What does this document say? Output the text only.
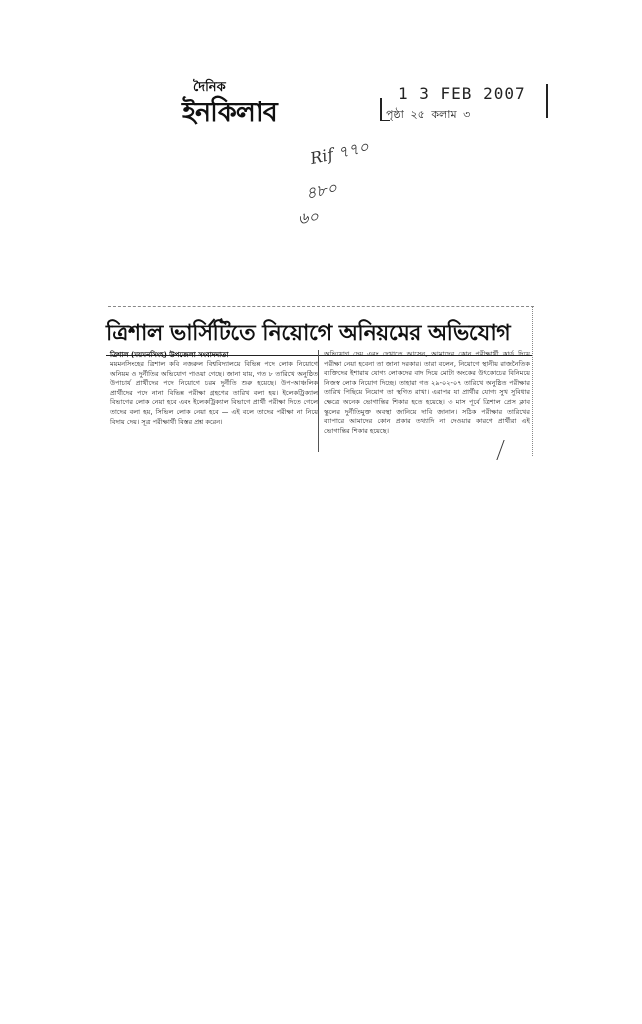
দৈনিক
ইনকিলাব
1 3 FEB 2007
পৃষ্ঠা ২৫ কলাম ৩
Rif ৭৭০
৪৮০
৬০
ত্রিশাল ভার্সিটিতে নিয়োগে অনিয়মের অভিযোগ
ত্রিশাল (ময়মনসিংহ) উপজেলা সংবাদদাতা
ময়মনসিংহের ত্রিশাল কবি নজরুল বিশ্ববিদ্যালয়ে বিভিন্ন পদে লোক নিয়োগে অনিয়ম ও দুর্নীতির অভিযোগ পাওয়া গেছে। জানা যায়, গত ৮ তারিখে অনুষ্ঠিত উপাচার্য প্রার্থীদের পদে নিয়োগে চরম দুর্নীতি শুরু হয়েছে। উপ-আঞ্চলিক প্রার্থীদের পদে নানা বিভিন্ন পরীক্ষা গ্রহণের তারিখ বলা হয়। ইলেকট্রিক্যাল বিভাগের লোক নেয়া হবে এবং ইলেকট্রিক্যাল বিভাগে প্রার্থী পরীক্ষা দিতে গেলে তাদের বলা হয়, সিভিল লোক নেয়া হবে — এই বলে তাদের পরীক্ষা না নিয়ে বিদায় দেয়। সূত্র পরীক্ষার্থী বিস্তর প্রশ্ন করেন।
অভিযোগ দেয় এবং দেখাতে আসেন, আমাদের কোন পরীক্ষার্থী কার্ড দিয়ে পরীক্ষা নেয়া হবেনা তা জানা দরকার। তারা বলেন, নিয়োগে স্থানীয় রাজনৈতিক ব্যক্তিদের ইশারায় যোগ্য লোকদের বাদ দিয়ে মোটা অংকের উৎকোচের বিনিময়ে নিজস্ব লোক নিয়োগ দিচ্ছে। তাহারা গত ২৯-০২-০৭ তারিখে অনুষ্ঠিত পরীক্ষার তারিখ পিছিয়ে নিয়োগ তা স্থগিত রাখা। এরাপর যা প্রার্থীর যোগ্য সুখ সুবিধার ক্ষেত্রে অনেক ভোগান্তির শিকার হতে হয়েছে। ৩ মাস পূর্বে ত্রিশাল প্রেস ক্লাব স্কুলের দুর্নীতিমুক্ত অবস্থা জানিয়ে দাবি জানান। সঠিক পরীক্ষার তারিখের ব্যাপারে আমাদের কোন প্রকার তথ্যাদি না দেওয়ার কারণে প্রার্থীরা এই ভোগান্তির শিকার হয়েছে।
